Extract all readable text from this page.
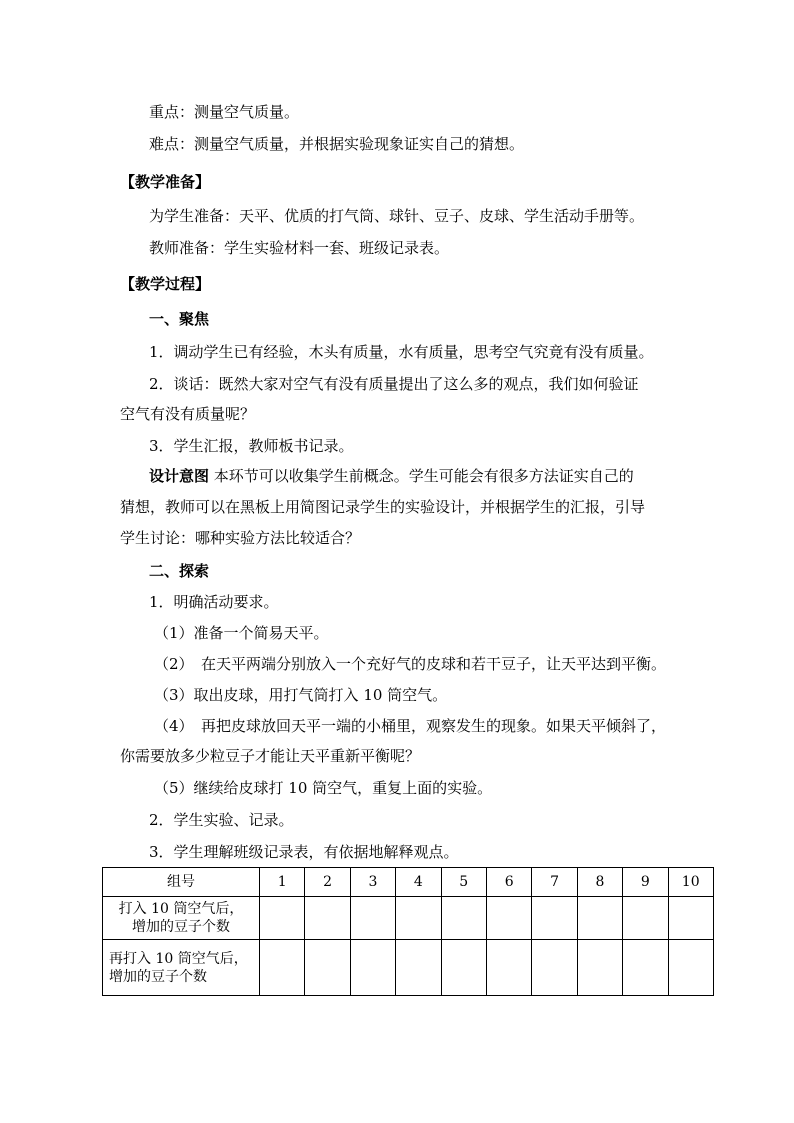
重点：测量空气质量。
难点：测量空气质量，并根据实验现象证实自己的猜想。
【教学准备】
为学生准备：天平、优质的打气筒、球针、豆子、皮球、学生活动手册等。
教师准备：学生实验材料一套、班级记录表。
【教学过程】
一、聚焦
1．调动学生已有经验，木头有质量，水有质量，思考空气究竟有没有质量。
2．谈话：既然大家对空气有没有质量提出了这么多的观点，我们如何验证
空气有没有质量呢？
3．学生汇报，教师板书记录。
设计意图 本环节可以收集学生前概念。学生可能会有很多方法证实自己的
猜想，教师可以在黑板上用简图记录学生的实验设计，并根据学生的汇报，引导
学生讨论：哪种实验方法比较适合？
二、探索
1．明确活动要求。
（1）准备一个简易天平。
（2）　在天平两端分别放入一个充好气的皮球和若干豆子，让天平达到平衡。
（3）取出皮球，用打气筒打入 10 筒空气。
（4）　再把皮球放回天平一端的小桶里，观察发生的现象。如果天平倾斜了，
你需要放多少粒豆子才能让天平重新平衡呢？
（5）继续给皮球打 10 筒空气，重复上面的实验。
2．学生实验、记录。
3．学生理解班级记录表，有依据地解释观点。
组号	1	2	3	4	5	6	7	8	9	10

打入 10 筒空气后，
增加的豆子个数										

再打入 10 筒空气后，
增加的豆子个数										
